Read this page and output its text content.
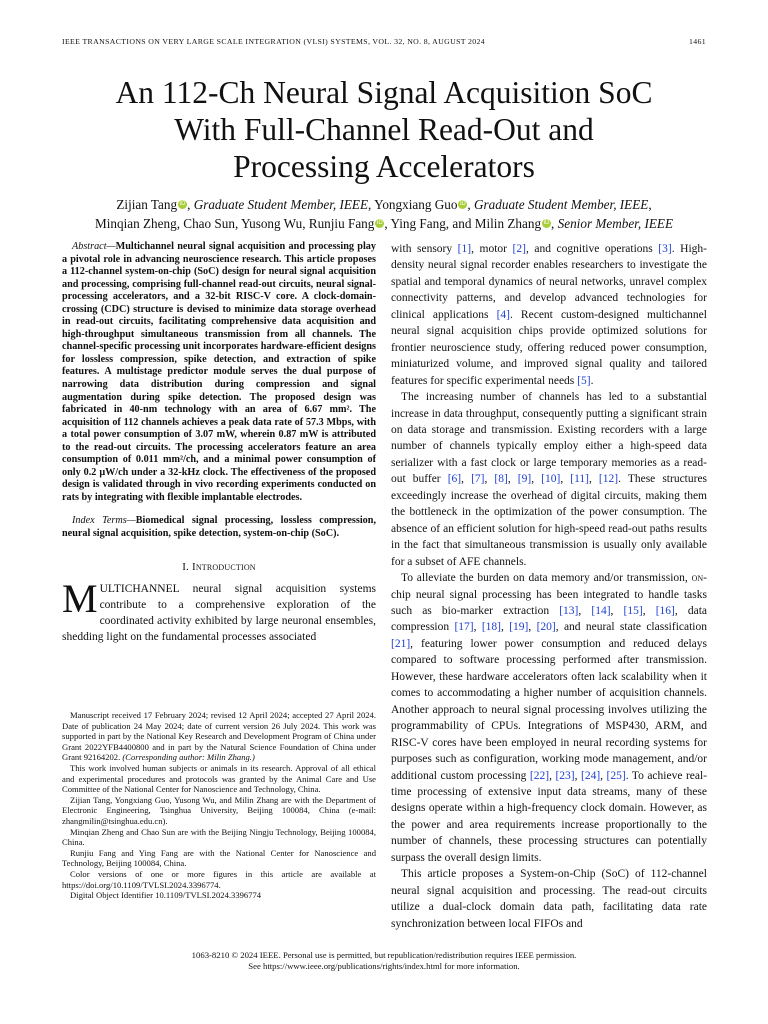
IEEE TRANSACTIONS ON VERY LARGE SCALE INTEGRATION (VLSI) SYSTEMS, VOL. 32, NO. 8, AUGUST 2024	1461
An 112-Ch Neural Signal Acquisition SoC
With Full-Channel Read-Out and
Processing Accelerators
Zijian Tang iD , Graduate Student Member, IEEE, Yongxiang Guo iD , Graduate Student Member, IEEE,
Minqian Zheng, Chao Sun, Yusong Wu, Runjiu Fang iD , Ying Fang, and Milin Zhang iD , Senior Member, IEEE

Abstract—Multichannel neural signal acquisition and processing play a pivotal role in advancing neuroscience research. This article proposes a 112-channel system-on-chip (SoC) design for neural signal acquisition and processing, comprising full-channel read-out circuits, neural signal-processing accelerators, and a 32-bit RISC-V core. A clock-domain-crossing (CDC) structure is devised to minimize data storage overhead in read-out circuits, facilitating comprehensive data acquisition and high-throughput simultaneous transmission from all channels. The channel-specific processing unit incorporates hardware-efficient designs for lossless compression, spike detection, and extraction of spike features. A multistage predictor module serves the dual purpose of narrowing data distribution during compression and signal augmentation during spike detection. The proposed design was fabricated in 40-nm technology with an area of 6.67 mm². The acquisition of 112 channels achieves a peak data rate of 57.3 Mbps, with a total power consumption of 3.07 mW, wherein 0.87 mW is attributed to the read-out circuits. The processing accelerators feature an area consumption of 0.011 mm²/ch, and a minimal power consumption of only 0.2 μW/ch under a 32-kHz clock. The effectiveness of the proposed design is validated through in vivo recording experiments conducted on rats by integrating with flexible implantable electrodes.

Index Terms—Biomedical signal processing, lossless compression, neural signal acquisition, spike detection, system-on-chip (SoC).

I. Introduction

MULTICHANNEL neural signal acquisition systems contribute to a comprehensive exploration of the coordinated activity exhibited by large neuronal ensembles, shedding light on the fundamental processes associated

Manuscript received 17 February 2024; revised 12 April 2024; accepted 27 April 2024. Date of publication 24 May 2024; date of current version 26 July 2024. This work was supported in part by the National Key Research and Development Program of China under Grant 2022YFB4400800 and in part by the Natural Science Foundation of China under Grant 92164202. (Corresponding author: Milin Zhang.)

This work involved human subjects or animals in its research. Approval of all ethical and experimental procedures and protocols was granted by the Animal Care and Use Committee of the National Center for Nanoscience and Technology, China.

Zijian Tang, Yongxiang Guo, Yusong Wu, and Milin Zhang are with the Department of Electronic Engineering, Tsinghua University, Beijing 100084, China (e-mail: zhangmilin@tsinghua.edu.cn).

Minqian Zheng and Chao Sun are with the Beijing Ningju Technology, Beijing 100084, China.

Runjiu Fang and Ying Fang are with the National Center for Nanoscience and Technology, Beijing 100084, China.

Color versions of one or more figures in this article are available at https://doi.org/10.1109/TVLSI.2024.3396774.

Digital Object Identifier 10.1109/TVLSI.2024.3396774

with sensory [1], motor [2], and cognitive operations [3]. High-density neural signal recorder enables researchers to investigate the spatial and temporal dynamics of neural networks, unravel complex connectivity patterns, and develop advanced technologies for clinical applications [4]. Recent custom-designed multichannel neural signal acquisition chips provide optimized solutions for frontier neuroscience study, offering reduced power consumption, miniaturized volume, and improved signal quality and tailored features for specific experimental needs [5].

The increasing number of channels has led to a substantial increase in data throughput, consequently putting a significant strain on data storage and transmission. Existing recorders with a large number of channels typically employ either a high-speed data serializer with a fast clock or large temporary memories as a read-out buffer [6], [7], [8], [9], [10], [11], [12]. These structures exceedingly increase the overhead of digital circuits, making them the bottleneck in the optimization of the power consumption. The absence of an efficient solution for high-speed read-out paths results in the fact that simultaneous transmission is usually only available for a subset of AFE channels.

To alleviate the burden on data memory and/or transmission, on-chip neural signal processing has been integrated to handle tasks such as bio-marker extraction [13], [14], [15], [16], data compression [17], [18], [19], [20], and neural state classification [21], featuring lower power consumption and reduced delays compared to software processing performed after transmission. However, these hardware accelerators often lack scalability when it comes to accommodating a higher number of acquisition channels. Another approach to neural signal processing involves utilizing the programmability of CPUs. Integrations of MSP430, ARM, and RISC-V cores have been employed in neural recording systems for purposes such as configuration, working mode management, and/or additional custom processing [22], [23], [24], [25]. To achieve real-time processing of extensive input data streams, many of these designs operate within a high-frequency clock domain. However, as the power and area requirements increase proportionally to the number of channels, these processing structures can potentially surpass the overall design limits.

This article proposes a System-on-Chip (SoC) of 112-channel neural signal acquisition and processing. The read-out circuits utilize a dual-clock domain data path, facilitating data rate synchronization between local FIFOs and

1063-8210 © 2024 IEEE. Personal use is permitted, but republication/redistribution requires IEEE permission.
See https://www.ieee.org/publications/rights/index.html for more information.
